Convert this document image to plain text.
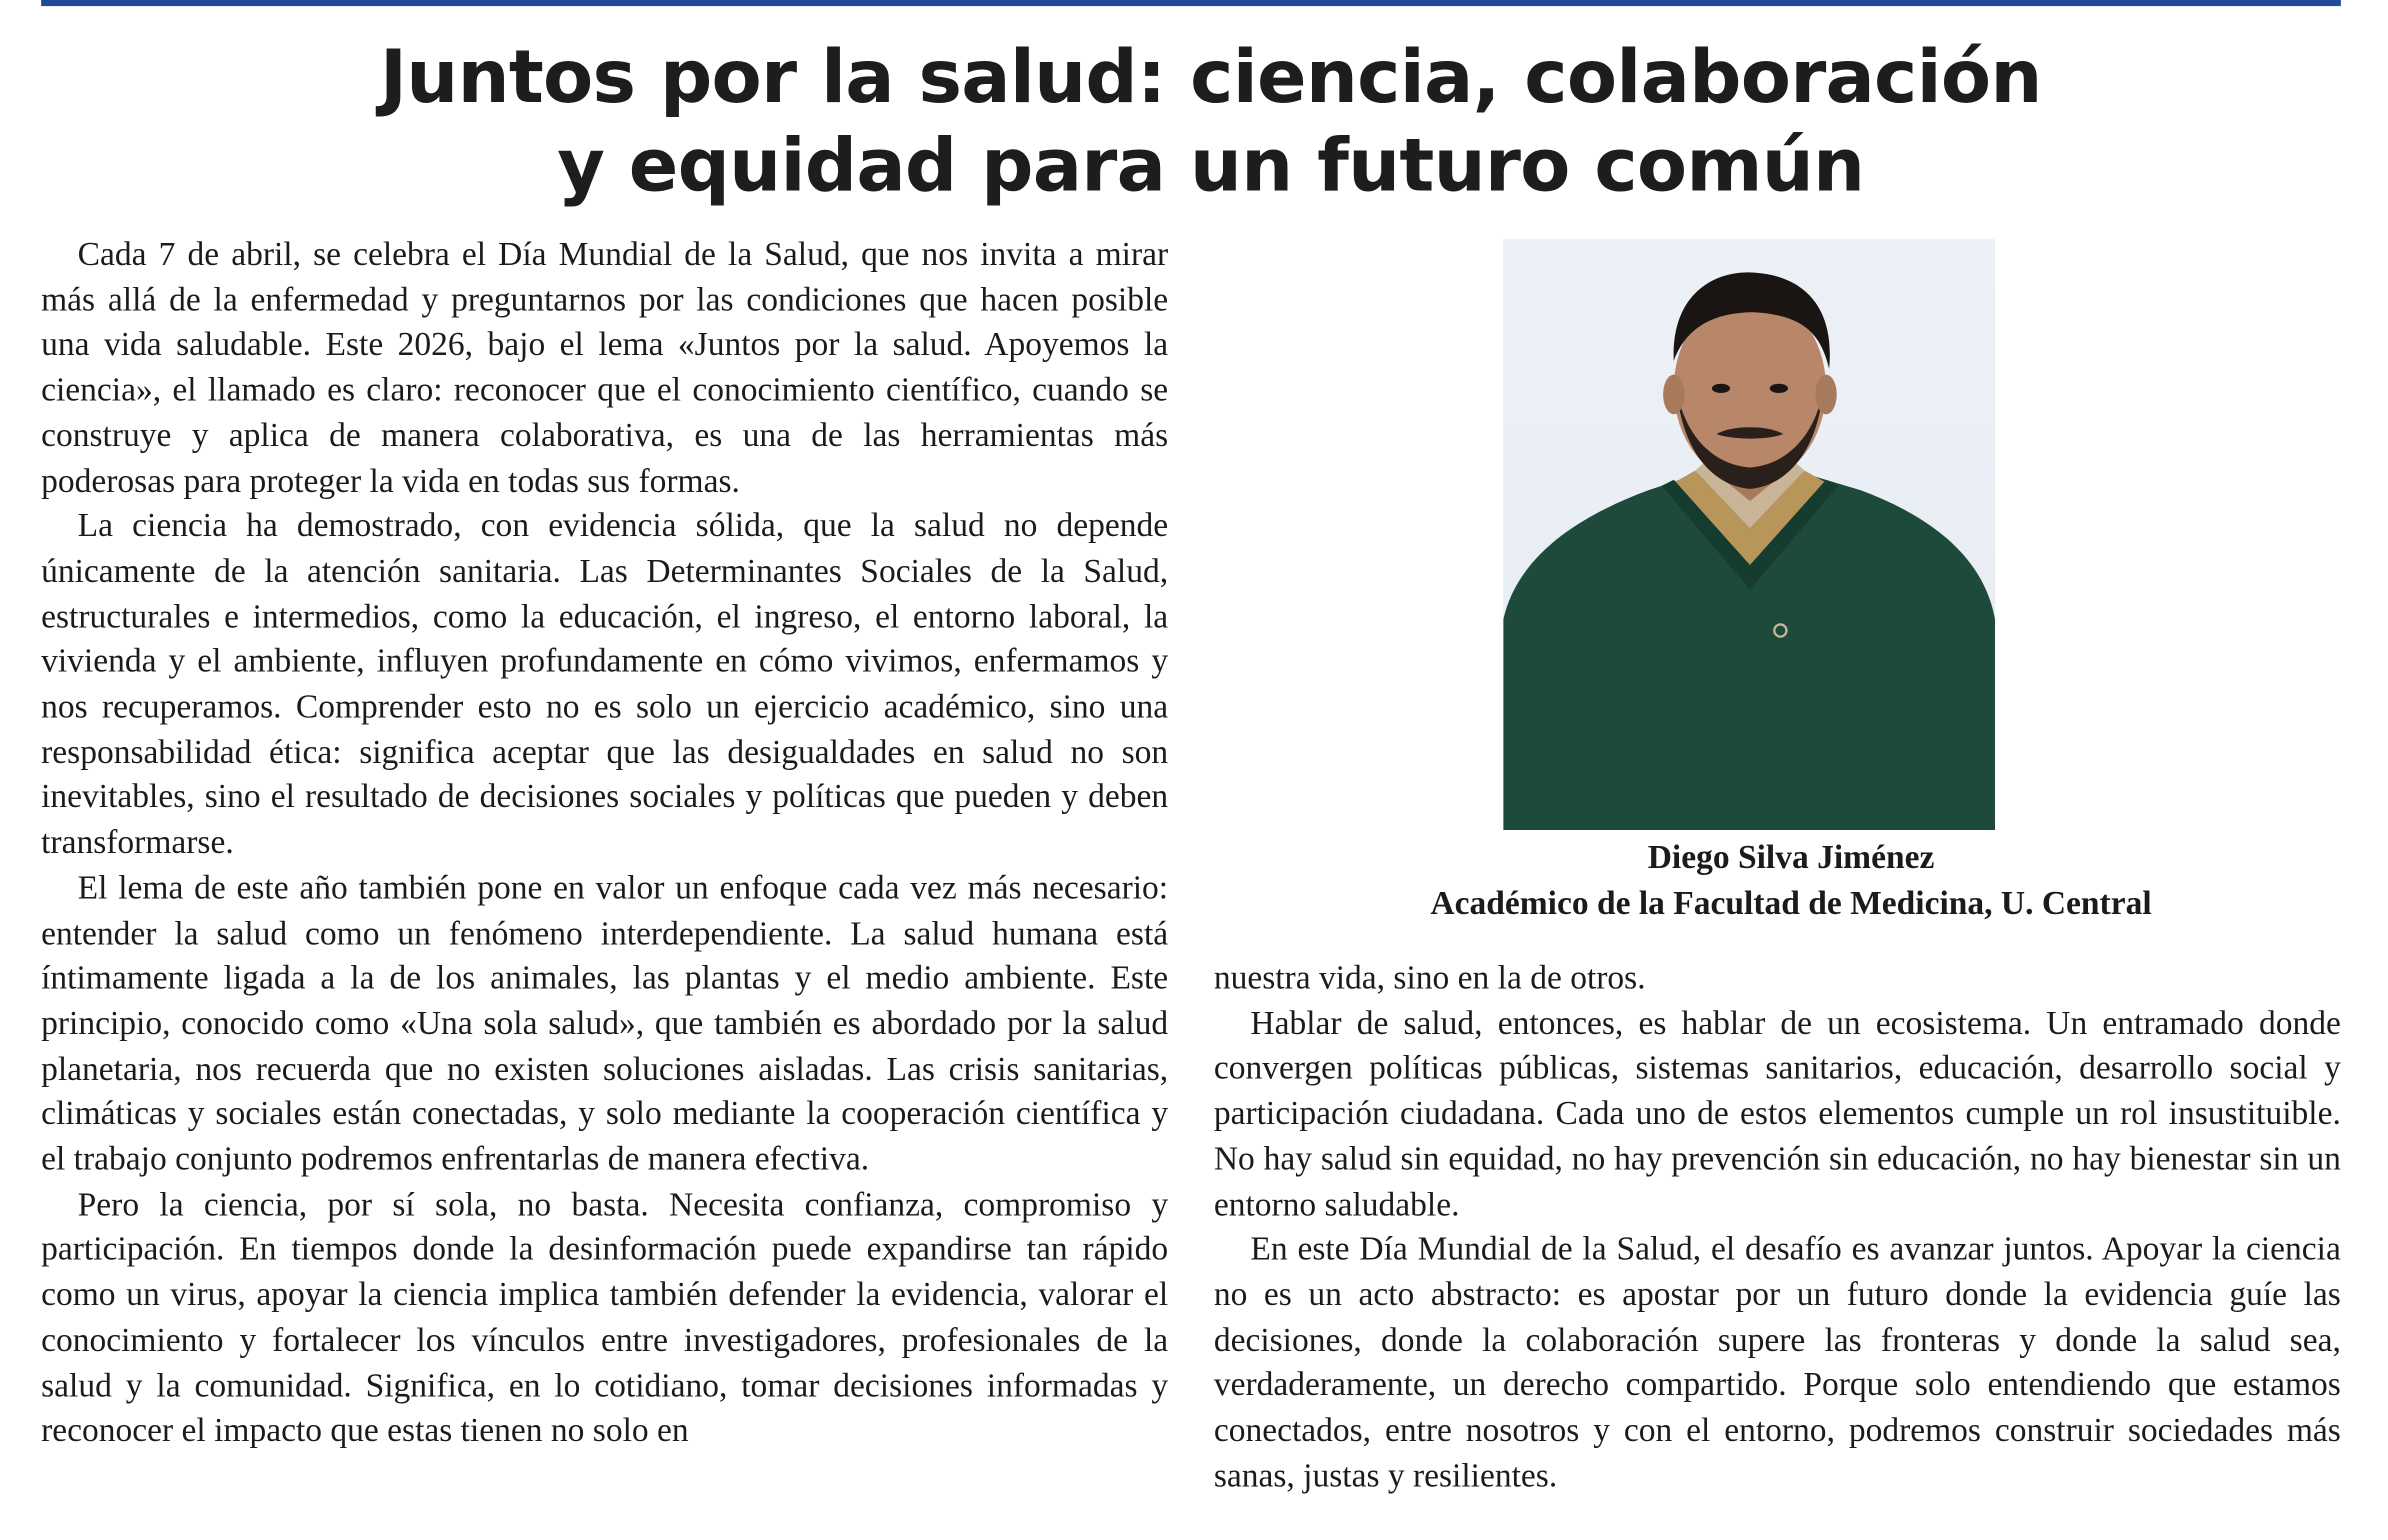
Juntos por la salud: ciencia, colaboración
y equidad para un futuro común

Cada 7 de abril, se celebra el Día Mundial de la Salud, que nos invita a mirar más allá de la enfermedad y preguntarnos por las condiciones que hacen posible una vida saludable. Este 2026, bajo el lema «Juntos por la salud. Apoyemos la ciencia», el llamado es claro: reconocer que el conocimiento científico, cuando se construye y aplica de manera colaborativa, es una de las herramientas más poderosas para proteger la vida en todas sus formas.

La ciencia ha demostrado, con evidencia sólida, que la salud no depende únicamente de la atención sanitaria. Las Determinantes Sociales de la Salud, estructurales e intermedios, como la educación, el ingreso, el entorno laboral, la vivienda y el ambiente, influyen profundamente en cómo vivimos, enfermamos y nos recuperamos. Comprender esto no es solo un ejercicio académico, sino una responsabilidad ética: significa aceptar que las desigualdades en salud no son inevitables, sino el resultado de decisiones sociales y políticas que pueden y deben transformarse.

El lema de este año también pone en valor un enfoque cada vez más necesario: entender la salud como un fenómeno interdependiente. La salud humana está íntimamente ligada a la de los animales, las plantas y el medio ambiente. Este principio, conocido como «Una sola salud», que también es abordado por la salud planetaria, nos recuerda que no existen soluciones aisladas. Las crisis sanitarias, climáticas y sociales están conectadas, y solo mediante la cooperación científica y el trabajo conjunto podremos enfrentarlas de manera efectiva.

Pero la ciencia, por sí sola, no basta. Necesita confianza, compromiso y participación. En tiempos donde la desinformación puede expandirse tan rápido como un virus, apoyar la ciencia implica también defender la evidencia, valorar el conocimiento y fortalecer los vínculos entre investigadores, profesionales de la salud y la comunidad. Significa, en lo cotidiano, tomar decisiones informadas y reconocer el impacto que estas tienen no solo en

Diego Silva Jiménez
Académico de la Facultad de Medicina, U. Central

nuestra vida, sino en la de otros.

Hablar de salud, entonces, es hablar de un ecosistema. Un entramado donde convergen políticas públicas, sistemas sanitarios, educación, desarrollo social y participación ciudadana. Cada uno de estos elementos cumple un rol insustituible. No hay salud sin equidad, no hay prevención sin educación, no hay bienestar sin un entorno saludable.

En este Día Mundial de la Salud, el desafío es avanzar juntos. Apoyar la ciencia no es un acto abstracto: es apostar por un futuro donde la evidencia guíe las decisiones, donde la colaboración supere las fronteras y donde la salud sea, verdaderamente, un derecho compartido. Porque solo entendiendo que estamos conectados, entre nosotros y con el entorno, podremos construir sociedades más sanas, justas y resilientes.
